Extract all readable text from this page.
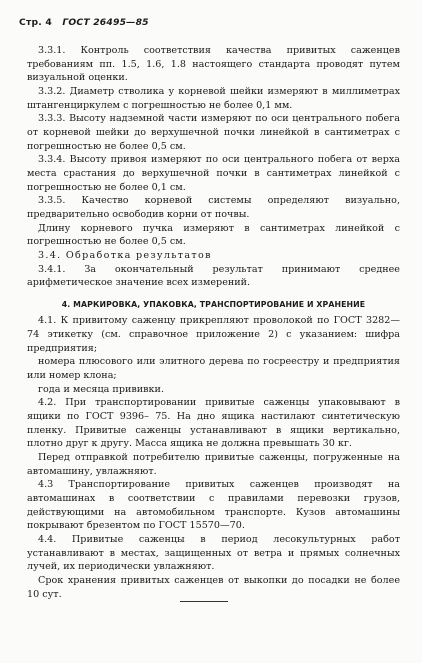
Стр. 4 ГОСТ 26495—85

3.3.1. Контроль соответствия качества привитых саженцев требованиям пп. 1.5, 1.6, 1.8 настоящего стандарта проводят путем визуальной оценки.

3.3.2. Диаметр стволика у корневой шейки измеряют в миллиметрах штангенциркулем с погрешностью не более 0,1 мм.

3.3.3. Высоту надземной части измеряют по оси центрального побега от корневой шейки до верхушечной почки линейкой в сантиметрах с погрешностью не более 0,5 см.

3.3.4. Высоту привоя измеряют по оси центрального побега от верха места срастания до верхушечной почки в сантиметрах линейкой с погрешностью не более 0,1 см.

3.3.5. Качество корневой системы определяют визуально, предварительно освободив корни от почвы.

Длину корневого пучка измеряют в сантиметрах линейкой с погрешностью не более 0,5 см.

3.4. Обработка результатов

3.4.1. За окончательный результат принимают среднее арифметическое значение всех измерений.

4. МАРКИРОВКА, УПАКОВКА, ТРАНСПОРТИРОВАНИЕ И ХРАНЕНИЕ

4.1. К привитому саженцу прикрепляют проволокой по ГОСТ 3282—74 этикетку (см. справочное приложение 2) с указанием: шифра предприятия;

номера плюсового или элитного дерева по госреестру и предприятия или номер клона;

года и месяца прививки.

4.2. При транспортировании привитые саженцы упаковывают в ящики по ГОСТ 9396– 75. На дно ящика настилают синтетическую пленку. Привитые саженцы устанавливают в ящики вертикально, плотно друг к другу. Масса ящика не должна превышать 30 кг.

Перед отправкой потребителю привитые саженцы, погруженные на автомашину, увлажняют.

4.3 Транспортирование привитых саженцев производят на автомашинах в соответствии с правилами перевозки грузов, действующими на автомобильном транспорте. Кузов автомашины покрывают брезентом по ГОСТ 15570—70.

4.4. Привитые саженцы в период лесокультурных работ устанавливают в местах, защищенных от ветра и прямых солнечных лучей, их периодически увлажняют.

Срок хранения привитых саженцев от выкопки до посадки не более 10 сут.
